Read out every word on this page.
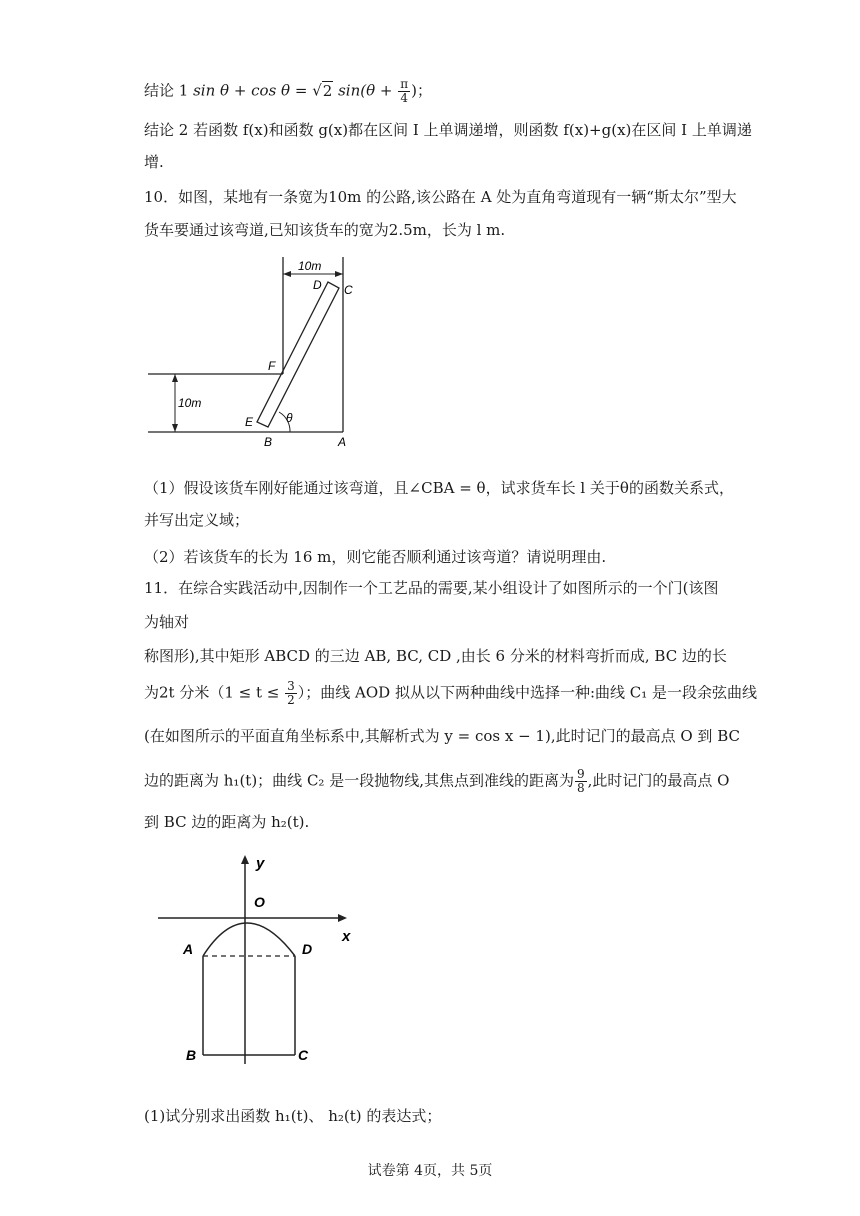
结论 1 sin θ + cos θ = √2 $\sin(\theta + \frac{\pi}{4}$ )；
结论 2 若函数 f(x)和函数 g(x)都在区间 I 上单调递增，则函数 f(x)+g(x)在区间 I 上单调递
增.
10．如图，某地有一条宽为10m 的公路,该公路在 A 处为直角弯道现有一辆“斯太尔”型大
货车要通过该弯道,已知该货车的宽为2.5m，长为 l m.
10m
10m
D C
F
E
B	A
θ
（1）假设该货车刚好能通过该弯道，且∠CBA = θ，试求货车长 l 关于θ的函数关系式，
并写出定义域；
（2）若该货车的长为 16 m，则它能否顺利通过该弯道？请说明理由.
11．在综合实践活动中,因制作一个工艺品的需要,某小组设计了如图所示的一个门(该图
为轴对
称图形),其中矩形 ABCD 的三边 AB, BC, CD ,由长 6 分米的材料弯折而成, BC 边的长
为2t 分米（$1 \le t \le \frac{3}{2}$ ）；曲线 AOD 拟从以下两种曲线中选择一种:曲线 C₁ 是一段余弦曲线
(在如图所示的平面直角坐标系中,其解析式为 y = cos x − 1),此时记门的最高点 O 到 BC
边的距离为 h₁(t)；曲线 C₂ 是一段抛物线,其焦点到准线的距离为 $\frac{9}{8}$ ,此时记门的最高点 O
到 BC 边的距离为 h₂(t).
y
x
O
A	D
B	C
(1)试分别求出函数 h₁(t)、 h₂(t) 的表达式；
试卷第 4页，共 5页
